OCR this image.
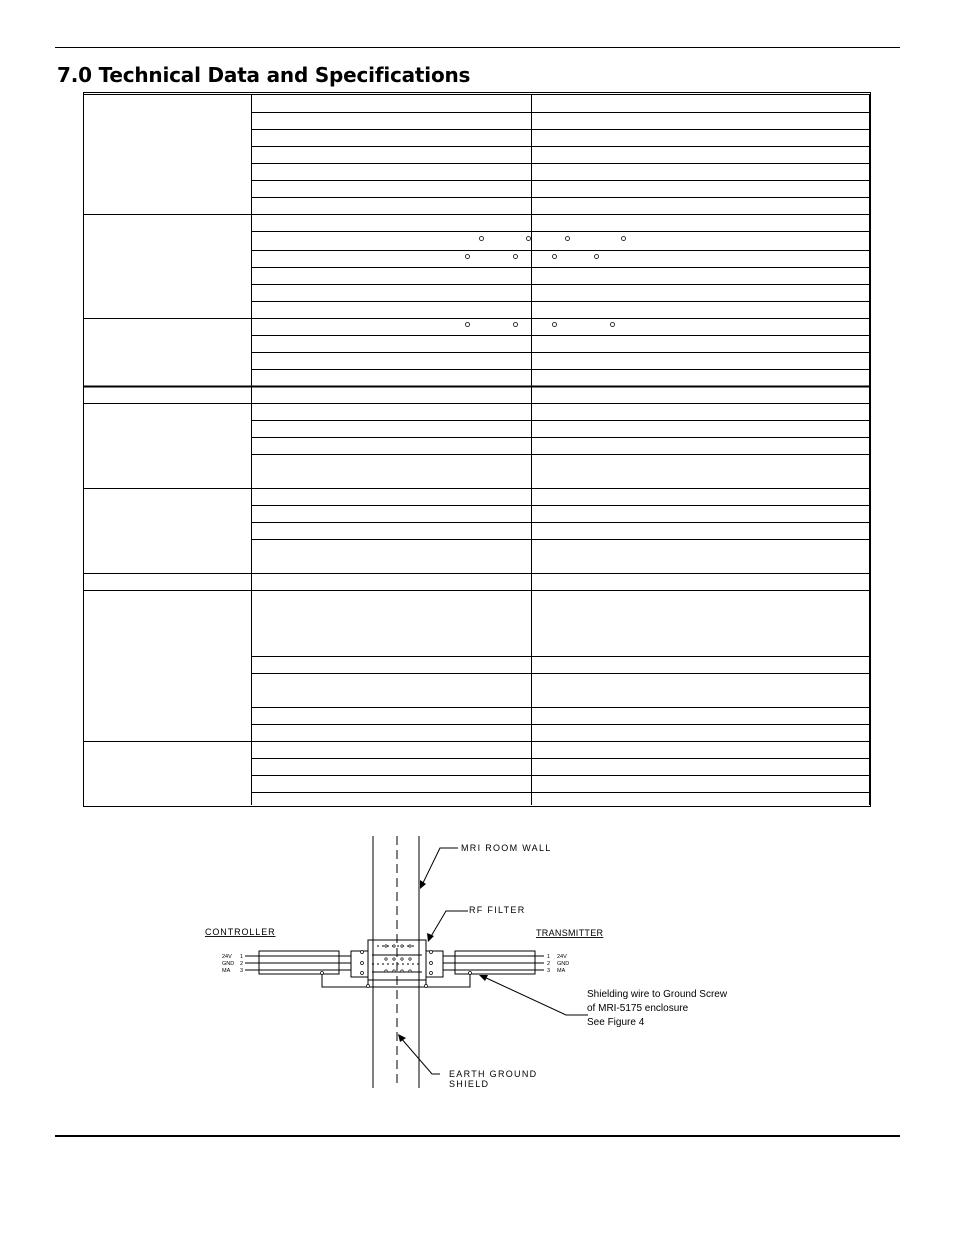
7.0 Technical Data and Specifications
MRI ROOM WALL
RF FILTER
CONTROLLER	TRANSMITTER
EARTH GROUND
SHIELD
24V 1
GND 2
MA 3
1 24V
2 GND
3 MA
Shielding wire to Ground Screw
of MRI-5175 enclosure
See Figure 4
